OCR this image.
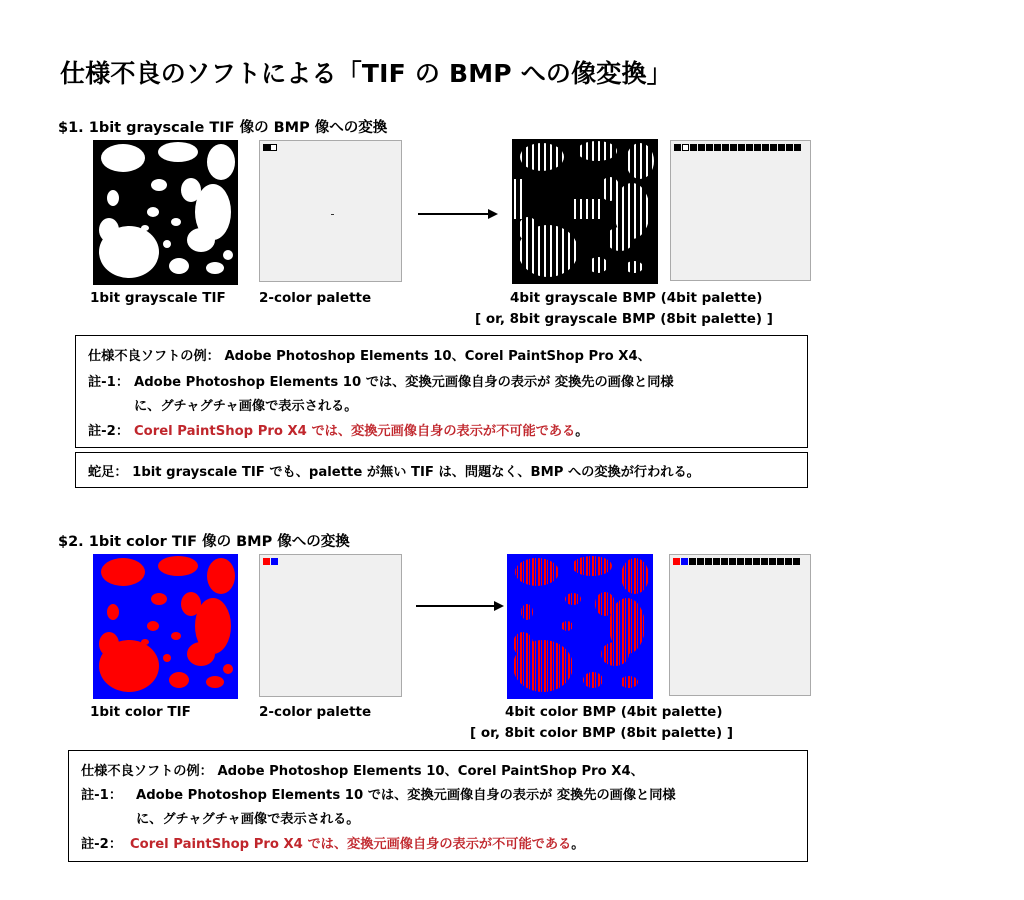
仕様不良のソフトによる「TIF の BMP への像変換」
$1. 1bit grayscale TIF 像の BMP 像への変換
1bit grayscale TIF 2-color palette	4bit grayscale BMP (4bit palette)
[ or, 8bit grayscale BMP (8bit palette) ]
仕様不良ソフトの例： Adobe Photoshop Elements 10、Corel PaintShop Pro X4、
註-1： Adobe Photoshop Elements 10 では、変換元画像自身の表示が 変換先の画像と同様
に、グチャグチャ画像で表示される。
註-2： Corel PaintShop Pro X4 では、変換元画像自身の表示が不可能である。
蛇足： 1bit grayscale TIF でも、palette が無い TIF は、問題なく、BMP への変換が行われる。
$2. 1bit color TIF 像の BMP 像への変換
1bit color TIF	2-color palette	4bit color BMP (4bit palette)
[ or, 8bit color BMP (8bit palette) ]
仕様不良ソフトの例： Adobe Photoshop Elements 10、Corel PaintShop Pro X4、
註-1： Adobe Photoshop Elements 10 では、変換元画像自身の表示が 変換先の画像と同様
に、グチャグチャ画像で表示される。
註-2： Corel PaintShop Pro X4 では、変換元画像自身の表示が不可能である。
